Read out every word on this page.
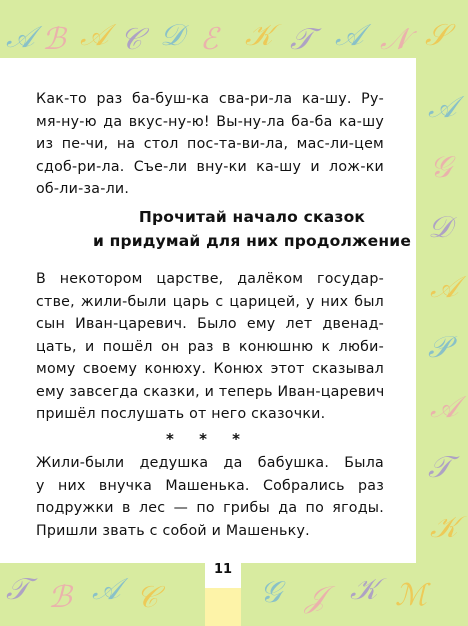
𝒜 ℬ 𝒜 𝒞 𝒟 ℰ 𝒦 𝒯 𝒜 𝒩 𝒮
𝒜
𝒢
𝒟
𝒜
𝒫
𝒜
𝒯
𝒦
𝒯 ℬ 𝒜 𝒞	𝒢 𝒥 𝒦 ℳ

Как-то раз ба-буш-ка сва-ри-ла ка-шу. Ру-
мя-ну-ю да вкус-ну-ю! Вы-ну-ла ба-ба ка-шу
из пе-чи, на стол пос-та-ви-ла, мас-ли-цем
сдоб-ри-ла. Съе-ли вну-ки ка-шу и лож-ки
об-ли-за-ли.

Прочитай начало сказок
и придумай для них продолжение

В некотором царстве, далёком государ-
стве, жили-были царь с царицей, у них был
сын Иван-царевич. Было ему лет двенад-
цать, и пошёл он раз в конюшню к люби-
мому своему конюху. Конюх этот сказывал
ему завсегда сказки, и теперь Иван-царевич
пришёл послушать от него сказочки.

* * *

Жили-были дедушка да бабушка. Была
у них внучка Машенька. Собрались раз
подружки в лес — по грибы да по ягоды.
Пришли звать с собой и Машеньку.

11
